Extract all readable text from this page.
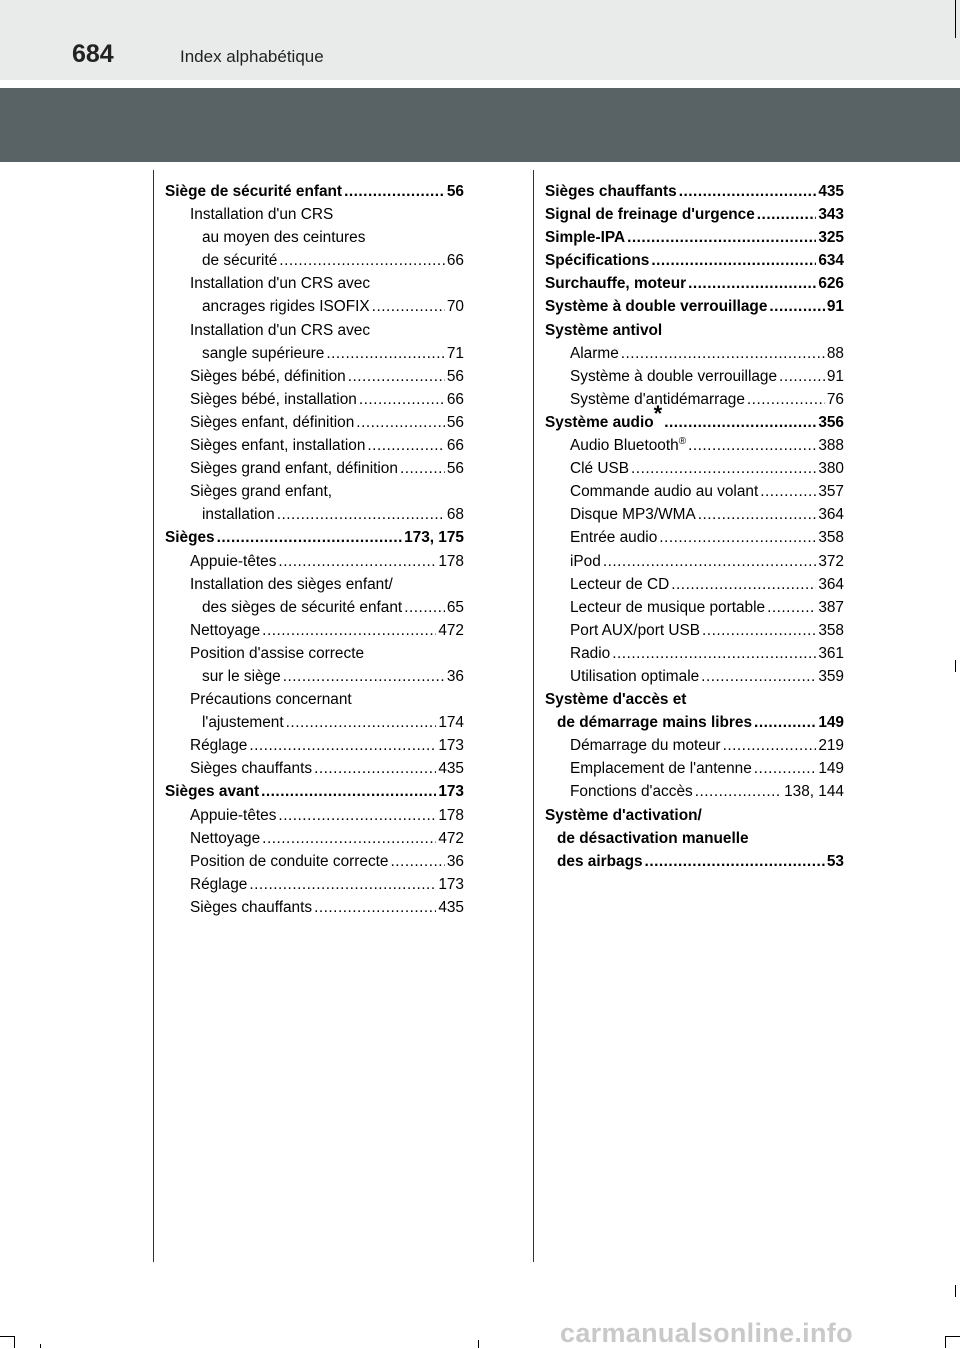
684	Index alphabétique
Siège de sécurité enfant .....	56
Installation d'un CRS
au moyen des ceintures
de sécurité .....	66
Installation d'un CRS avec
ancrages rigides ISOFIX .....	70
Installation d'un CRS avec
sangle supérieure .....	71
Sièges bébé, définition .....	56
Sièges bébé, installation .....	66
Sièges enfant, définition .....	56
Sièges enfant, installation .....	66
Sièges grand enfant, définition .....	56
Sièges grand enfant,
installation .....	68
Sièges .....	173, 175
Appuie-têtes .....	178
Installation des sièges enfant/
des sièges de sécurité enfant .....	65
Nettoyage .....	472
Position d'assise correcte
sur le siège .....	36
Précautions concernant
l'ajustement .....	174
Réglage .....	173
Sièges chauffants .....	435
Sièges avant .....	173
Appuie-têtes .....	178
Nettoyage .....	472
Position de conduite correcte .....	36
Réglage .....	173
Sièges chauffants .....	435
Sièges chauffants .....	435
Signal de freinage d'urgence .....	343
Simple-IPA .....	325
Spécifications .....	634
Surchauffe, moteur .....	626
Système à double verrouillage .....	91
Système antivol
Alarme .....	88
Système à double verrouillage .....	91
Système d'antidémarrage .....	76
Système audio* .....	356
Audio Bluetooth® .....	388
Clé USB .....	380
Commande audio au volant .....	357
Disque MP3/WMA .....	364
Entrée audio .....	358
iPod .....	372
Lecteur de CD .....	364
Lecteur de musique portable .....	387
Port AUX/port USB .....	358
Radio .....	361
Utilisation optimale .....	359
Système d'accès et
de démarrage mains libres .....	149
Démarrage du moteur .....	219
Emplacement de l'antenne .....	149
Fonctions d'accès .....	138, 144
Système d'activation/
de désactivation manuelle
des airbags .....	53
carmanualsonline.info
